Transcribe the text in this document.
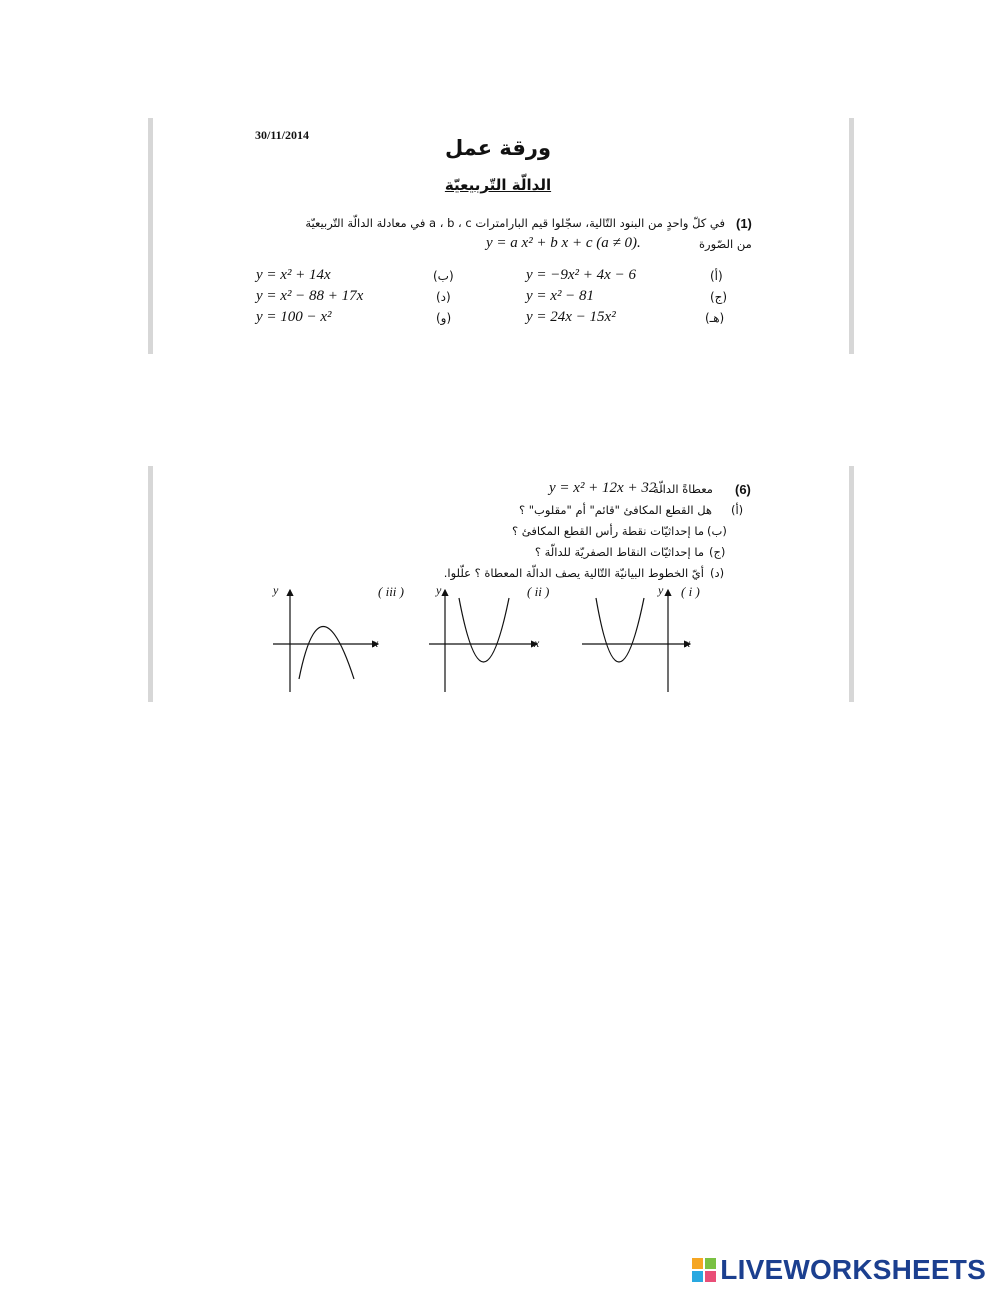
30/11/2014
ورقة عمل
الدالّة التّربيعيّة
(1)
في كلّ واحدٍ من البنود التّالية، سجّلوا قيم البارامترات a ، b ، c في معادلة الدالّة التّربيعيّة
من الصّورة
y = a x² + b x + c (a ≠ 0).
(أ)
y = −9x² + 4x − 6
(ب)
y = x² + 14x
(ج)
y = x² − 81
(د)
y = x² − 88 + 17x
(هـ)
y = 24x − 15x²
(و)
y = 100 − x²
(6)
معطاةً الدالّة
y = x² + 12x + 32 .
(أ)
هل القطع المكافئ "قائم" أم "مقلوب" ؟
(ب)
ما إحداثيّات نقطة رأس القطع المكافئ ؟
(ج)
ما إحداثيّات النقاط الصفريّة للدالّة ؟
(د)
أيّ الخطوط البيانيّة التّالية يصف الدالّة المعطاة ؟ علّلوا.
( iii )	( ii )	( i )
y
x
y
x
y
x
LIVEWORKSHEETS
